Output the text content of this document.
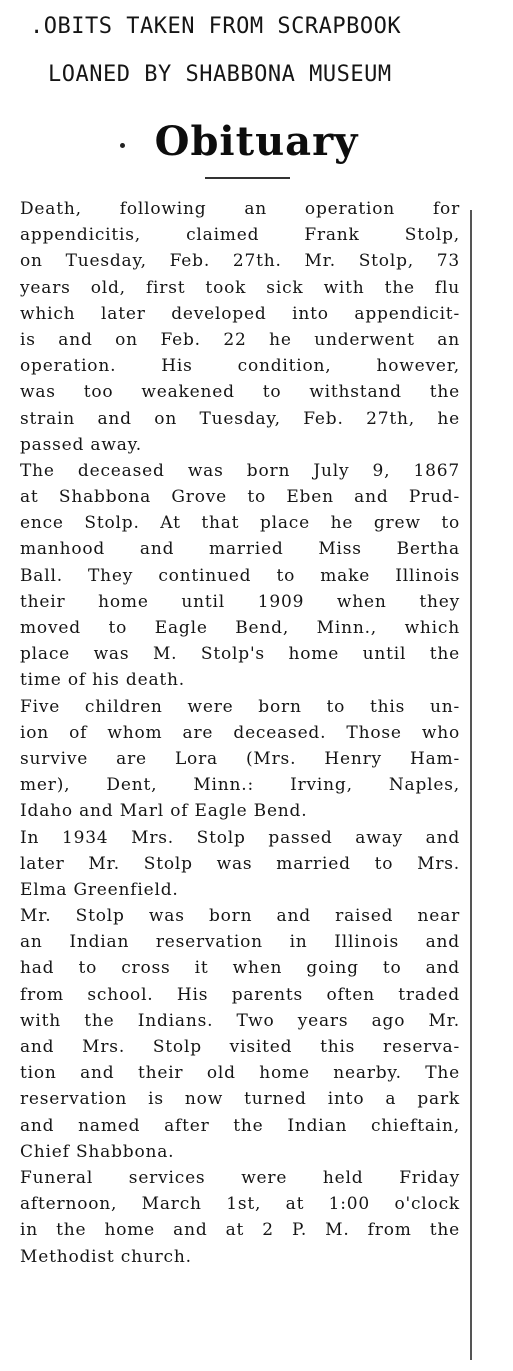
.OBITS TAKEN FROM SCRAPBOOK
LOANED BY SHABBONA MUSEUM
Obituary
Death, following an operation for
appendicitis, claimed Frank Stolp,
on Tuesday, Feb. 27th. Mr. Stolp, 73
years old, first took sick with the flu
which later developed into appendicit-
is and on Feb. 22 he underwent an
operation. His condition, however,
was too weakened to withstand the
strain and on Tuesday, Feb. 27th, he
passed away.
The deceased was born July 9, 1867
at Shabbona Grove to Eben and Prud-
ence Stolp. At that place he grew to
manhood and married Miss Bertha
Ball. They continued to make Illinois
their home until 1909 when they
moved to Eagle Bend, Minn., which
place was M. Stolp's home until the
time of his death.
Five children were born to this un-
ion of whom are deceased. Those who
survive are Lora (Mrs. Henry Ham-
mer), Dent, Minn.: Irving, Naples,
Idaho and Marl of Eagle Bend.
In 1934 Mrs. Stolp passed away and
later Mr. Stolp was married to Mrs.
Elma Greenfield.
Mr. Stolp was born and raised near
an Indian reservation in Illinois and
had to cross it when going to and
from school. His parents often traded
with the Indians. Two years ago Mr.
and Mrs. Stolp visited this reserva-
tion and their old home nearby. The
reservation is now turned into a park
and named after the Indian chieftain,
Chief Shabbona.
Funeral services were held Friday
afternoon, March 1st, at 1:00 o'clock
in the home and at 2 P. M. from the
Methodist church.
